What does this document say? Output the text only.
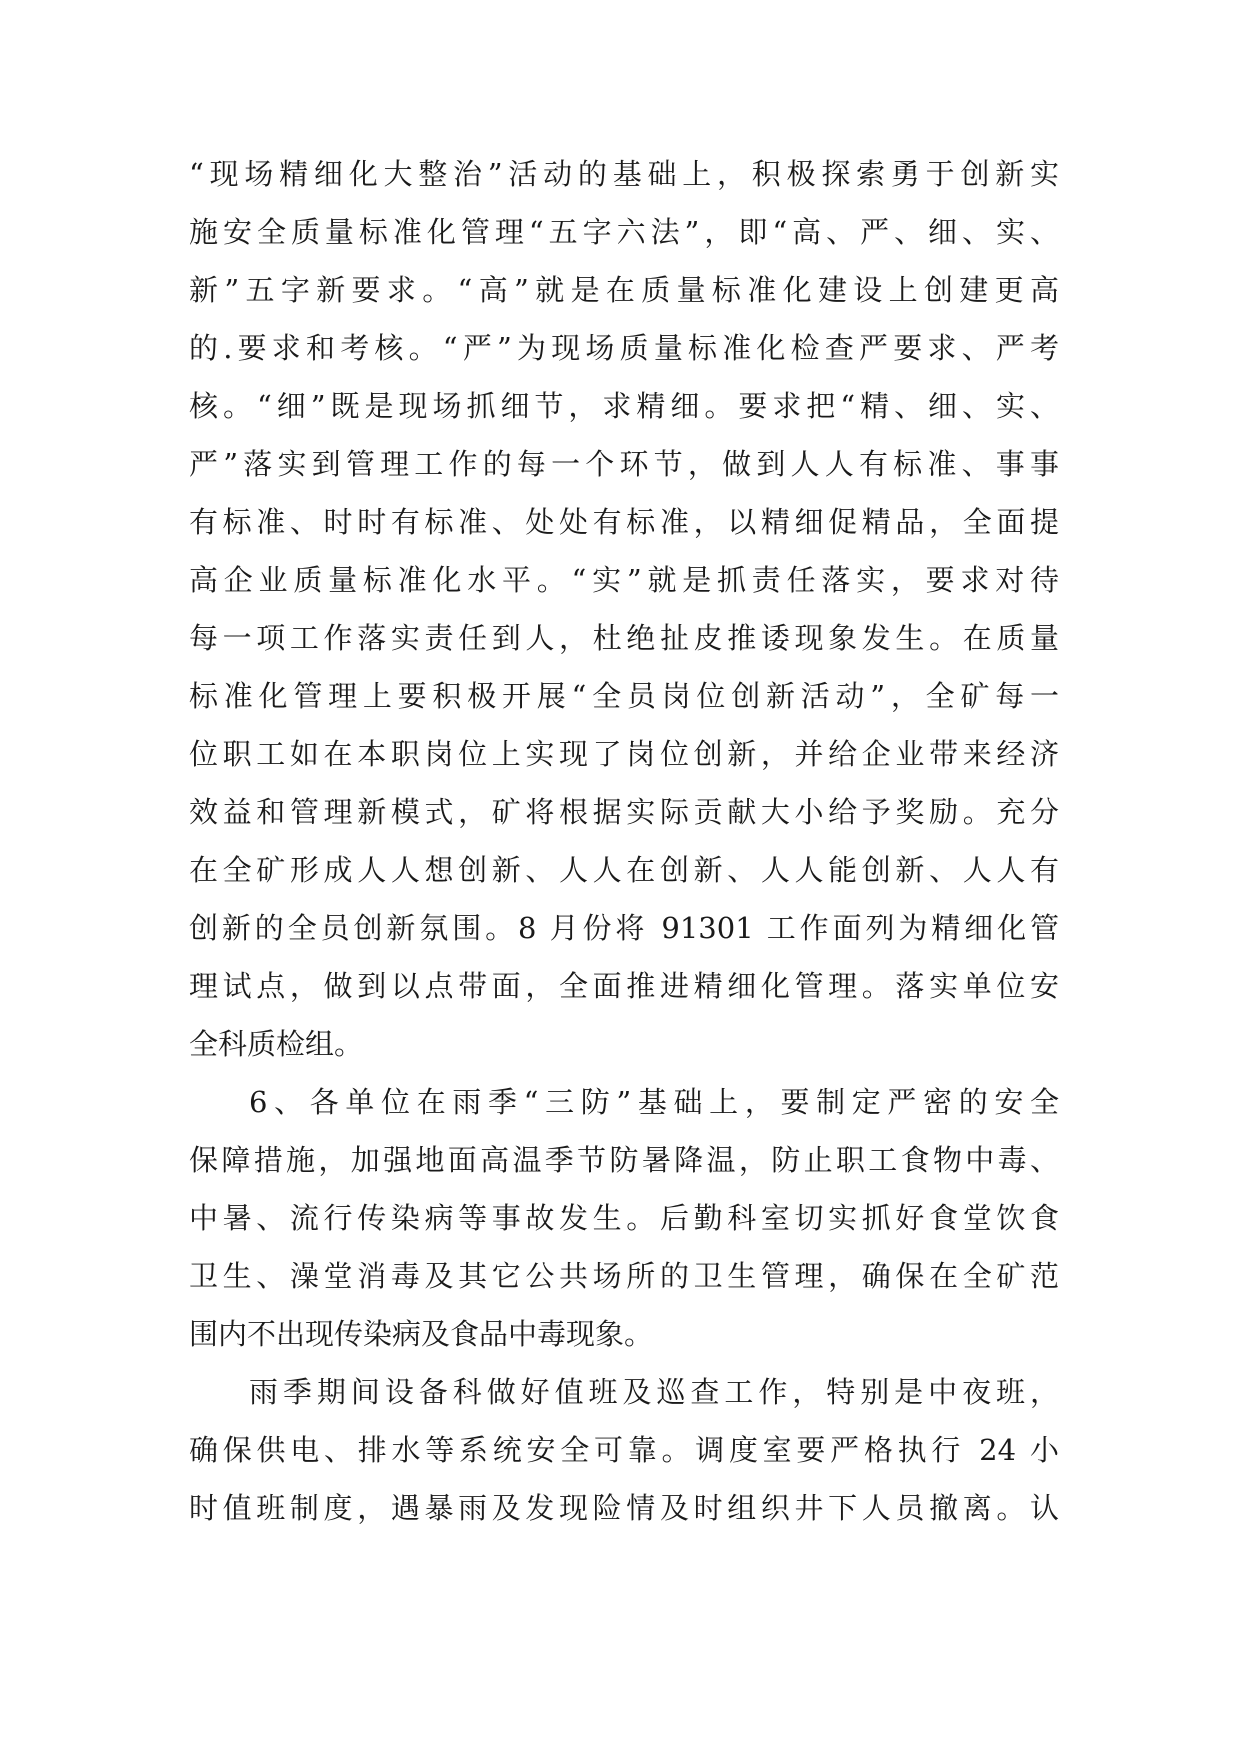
“现场精细化大整治”活动的基础上，积极探索勇于创新实
施安全质量标准化管理“五字六法”，即“高、严、细、实、
新”五字新要求。“高”就是在质量标准化建设上创建更高
的.要求和考核。“严”为现场质量标准化检查严要求、严考
核。“细”既是现场抓细节，求精细。要求把“精、细、实、
严”落实到管理工作的每一个环节，做到人人有标准、事事
有标准、时时有标准、处处有标准，以精细促精品，全面提
高企业质量标准化水平。“实”就是抓责任落实，要求对待
每一项工作落实责任到人，杜绝扯皮推诿现象发生。在质量
标准化管理上要积极开展“全员岗位创新活动”，全矿每一
位职工如在本职岗位上实现了岗位创新，并给企业带来经济
效益和管理新模式，矿将根据实际贡献大小给予奖励。充分
在全矿形成人人想创新、人人在创新、人人能创新、人人有
创新的全员创新氛围。8 月份将 91301 工作面列为精细化管
理试点，做到以点带面，全面推进精细化管理。落实单位安
全科质检组。
6、各单位在雨季“三防”基础上，要制定严密的安全
保障措施，加强地面高温季节防暑降温，防止职工食物中毒、
中暑、流行传染病等事故发生。后勤科室切实抓好食堂饮食
卫生、澡堂消毒及其它公共场所的卫生管理，确保在全矿范
围内不出现传染病及食品中毒现象。
雨季期间设备科做好值班及巡查工作，特别是中夜班，
确保供电、排水等系统安全可靠。调度室要严格执行 24 小
时值班制度，遇暴雨及发现险情及时组织井下人员撤离。认
